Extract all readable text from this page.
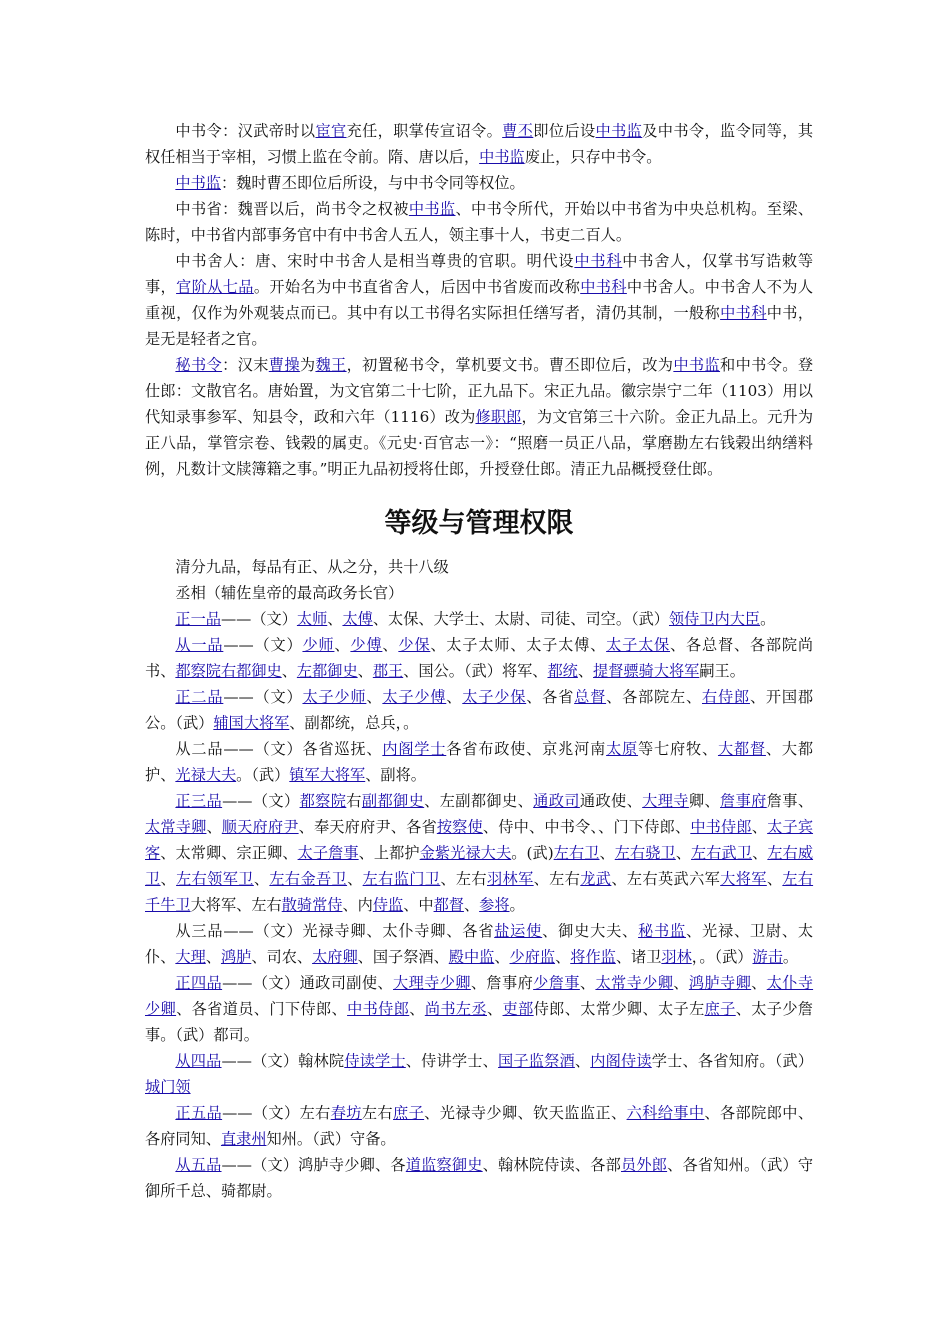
中书令：汉武帝时以宦官充任，职掌传宣诏令。曹丕即位后设中书监及中书令，监令同等，其权任相当于宰相，习惯上监在令前。隋、唐以后，中书监废止，只存中书令。

中书监：魏时曹丕即位后所设，与中书令同等权位。

中书省：魏晋以后，尚书令之权被中书监、中书令所代，开始以中书省为中央总机构。至梁、陈时，中书省内部事务官中有中书舍人五人，领主事十人，书吏二百人。

中书舍人：唐、宋时中书舍人是相当尊贵的官职。明代设中书科中书舍人，仅掌书写诰敕等事，官阶从七品。开始名为中书直省舍人，后因中书省废而改称中书科中书舍人。中书舍人不为人重视，仅作为外观装点而已。其中有以工书得名实际担任缮写者，清仍其制，一般称中书科中书，是无是轻者之官。

秘书令：汉末曹操为魏王，初置秘书令，掌机要文书。曹丕即位后，改为中书监和中书令。登仕郎：文散官名。唐始置，为文官第二十七阶，正九品下。宋正九品。徽宗崇宁二年（1103）用以代知录事参军、知县令，政和六年（1116）改为修职郎，为文官第三十六阶。金正九品上。元升为正八品，掌管宗卷、钱榖的属吏。《元史·百官志一》：“照磨一员正八品，掌磨勘左右钱榖出纳缮料例，凡数计文牍簿籍之事。”明正九品初授将仕郎，升授登仕郎。清正九品概授登仕郎。

等级与管理权限

清分九品，每品有正、从之分，共十八级

丞相（辅佐皇帝的最高政务长官）

正一品——（文）太师、太傅、太保、大学士、太尉、司徒、司空。（武）领侍卫内大臣。

从一品——（文）少师、少傅、少保、太子太师、太子太傅、太子太保、各总督、各部院尚书、都察院右都御史、左都御史、郡王、国公。（武）将军、都统、提督骠骑大将军嗣王。

正二品——（文）太子少师、太子少傅、太子少保、各省总督、各部院左、右侍郎、开国郡公。（武）辅国大将军、副都统，总兵，。

从二品——（文）各省巡抚、内阁学士各省布政使、京兆河南太原等七府牧、大都督、大都护、光禄大夫。（武）镇军大将军、副将。

正三品——（文）都察院右副都御史、左副都御史、通政司通政使、大理寺卿、詹事府詹事、太常寺卿、顺天府府尹、奉天府府尹、各省按察使、侍中、中书令、、门下侍郎、中书侍郎、太子宾客、太常卿、宗正卿、太子詹事、上都护金紫光禄大夫。(武)左右卫、左右骁卫、左右武卫、左右威卫、左右领军卫、左右金吾卫、左右监门卫、左右羽林军、左右龙武、左右英武六军大将军、左右千牛卫大将军、左右散骑常侍、内侍监、中都督、参将。

从三品——（文）光禄寺卿、太仆寺卿、各省盐运使、御史大夫、秘书监、光禄、卫尉、太仆、大理、鸿胪、司农、太府卿、国子祭酒、殿中监、少府监、将作监、诸卫羽林，。（武）游击。

正四品——（文）通政司副使、大理寺少卿、詹事府少詹事、太常寺少卿、鸿胪寺卿、太仆寺少卿、各省道员、门下侍郎、中书侍郎、尚书左丞、吏部侍郎、太常少卿、太子左庶子、太子少詹事。（武）都司。

从四品——（文）翰林院侍读学士、侍讲学士、国子监祭酒、内阁侍读学士、各省知府。（武）城门领

正五品——（文）左右春坊左右庶子、光禄寺少卿、钦天监监正、六科给事中、各部院郎中、各府同知、直隶州知州。（武）守备。

从五品——（文）鸿胪寺少卿、各道监察御史、翰林院侍读、各部员外郎、各省知州。（武）守御所千总、骑都尉。
